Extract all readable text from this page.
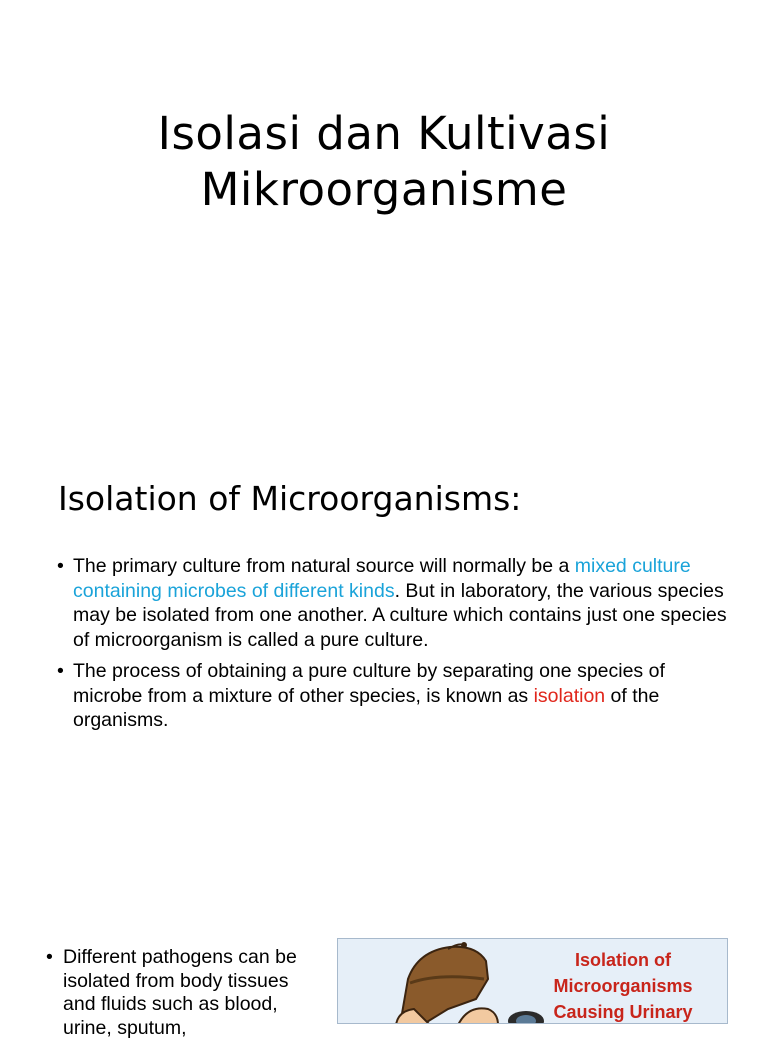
Isolasi dan Kultivasi
Mikroorganisme
Isolation of Microorganisms:
• The primary culture from natural source will normally be a mixed culture containing microbes of different kinds. But in laboratory, the various species may be isolated from one another. A culture which contains just one species of microorganism is called a pure culture.
• The process of obtaining a pure culture by separating one species of microbe from a mixture of other species, is known as isolation of the organisms.
• Different pathogens can be isolated from body tissues and fluids such as blood, urine, sputum,
Isolation of
Microorganisms
Causing Urinary
